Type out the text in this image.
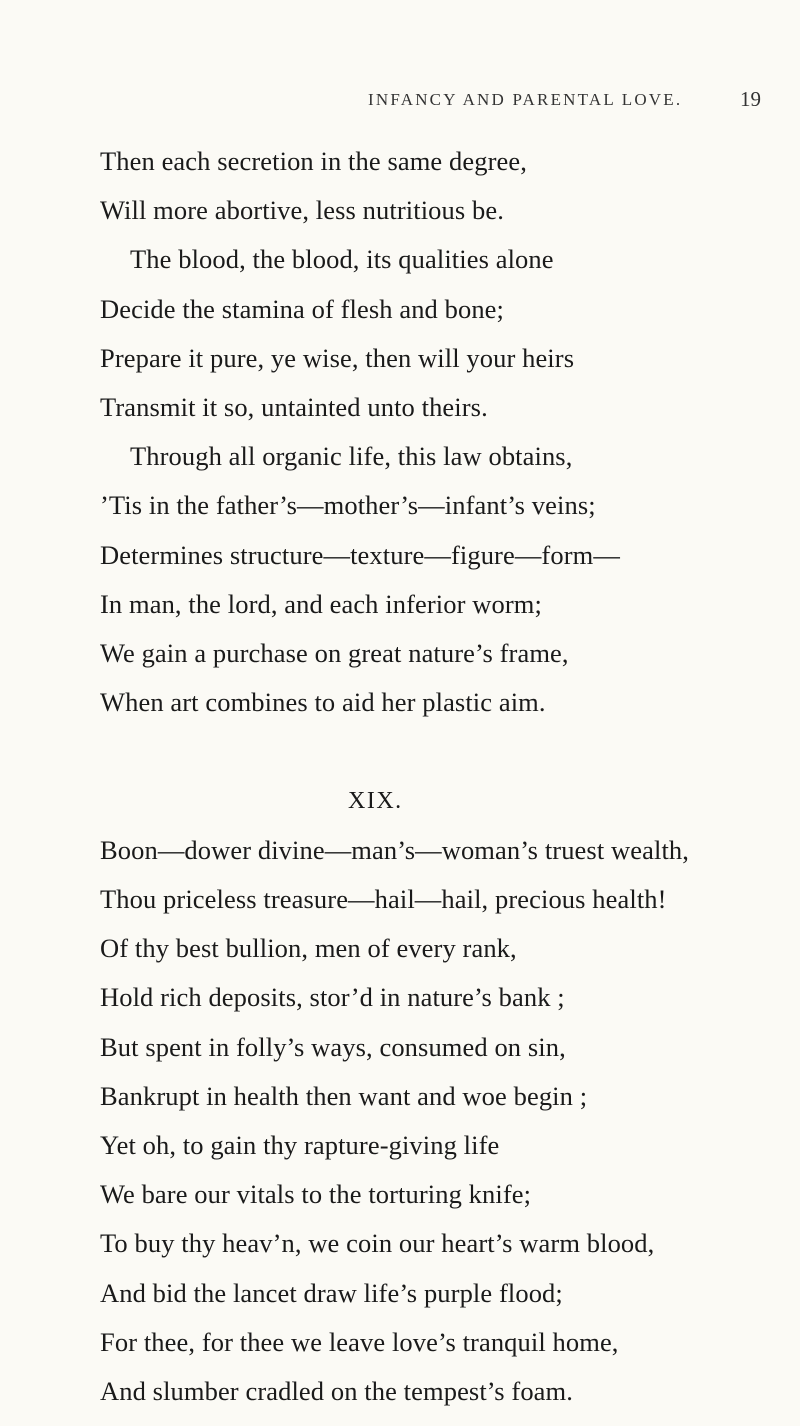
INFANCY AND PARENTAL LOVE.	19
Then each secretion in the same degree,
Will more abortive, less nutritious be.
The blood, the blood, its qualities alone
Decide the stamina of flesh and bone;
Prepare it pure, ye wise, then will your heirs
Transmit it so, untainted unto theirs.
Through all organic life, this law obtains,
’Tis in the father’s—mother’s—infant’s veins;
Determines structure—texture—figure—form—
In man, the lord, and each inferior worm;
We gain a purchase on great nature’s frame,
When art combines to aid her plastic aim.
XIX.
Boon—dower divine—man’s—woman’s truest wealth,
Thou priceless treasure—hail—hail, precious health!
Of thy best bullion, men of every rank,
Hold rich deposits, stor’d in nature’s bank ;
But spent in folly’s ways, consumed on sin,
Bankrupt in health then want and woe begin ;
Yet oh, to gain thy rapture-giving life
We bare our vitals to the torturing knife;
To buy thy heav’n, we coin our heart’s warm blood,
And bid the lancet draw life’s purple flood;
For thee, for thee we leave love’s tranquil home,
And slumber cradled on the tempest’s foam.
